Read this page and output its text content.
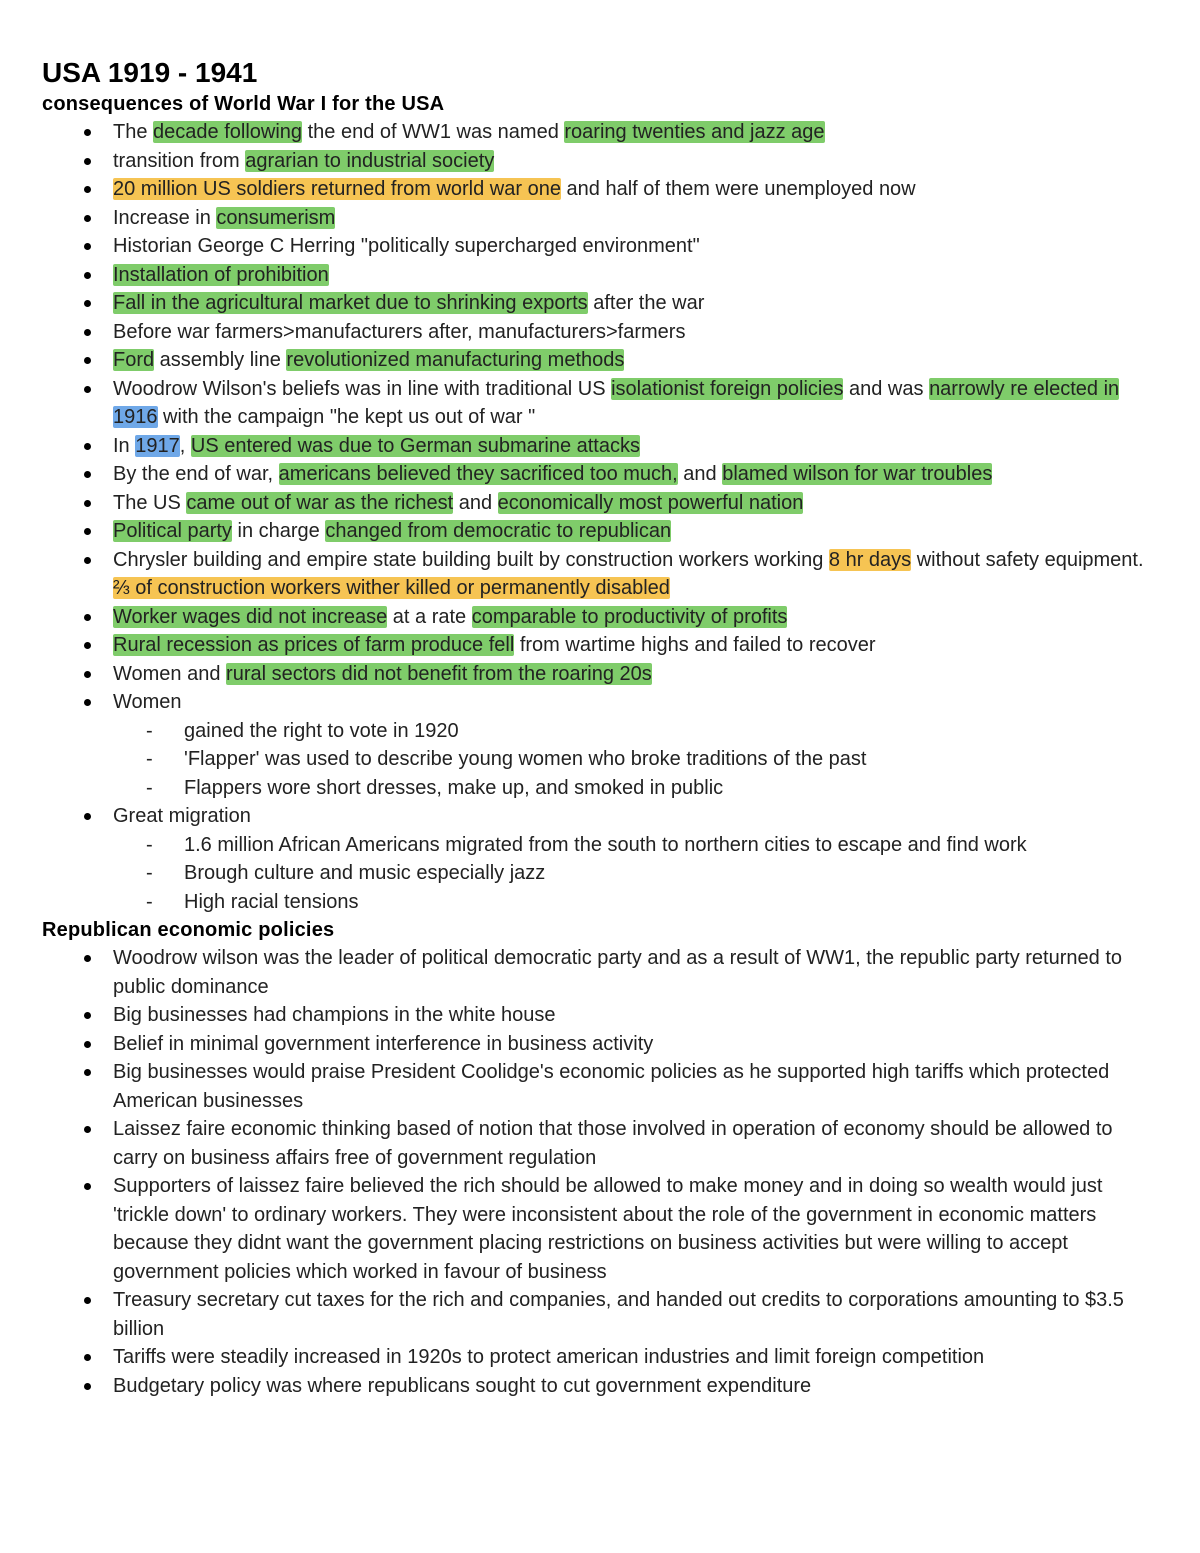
USA 1919 - 1941
consequences of World War I for the USA
The decade following the end of WW1 was named roaring twenties and jazz age
transition from agrarian to industrial society
20 million US soldiers returned from world war one and half of them were unemployed now
Increase in consumerism
Historian George C Herring "politically supercharged environment"
Installation of prohibition
Fall in the agricultural market due to shrinking exports after the war
Before war farmers>manufacturers after, manufacturers>farmers
Ford assembly line revolutionized manufacturing methods
Woodrow Wilson's beliefs was in line with traditional US isolationist foreign policies and was narrowly re elected in 1916 with the campaign "he kept us out of war "
In 1917, US entered was due to German submarine attacks
By the end of war, americans believed they sacrificed too much, and blamed wilson for war troubles
The US came out of war as the richest and economically most powerful nation
Political party in charge changed from democratic to republican
Chrysler building and empire state building built by construction workers working 8 hr days without safety equipment. ⅔ of construction workers wither killed or permanently disabled
Worker wages did not increase at a rate comparable to productivity of profits
Rural recession as prices of farm produce fell from wartime highs and failed to recover
Women and rural sectors did not benefit from the roaring 20s
Women
- gained the right to vote in 1920
- 'Flapper' was used to describe young women who broke traditions of the past
- Flappers wore short dresses, make up, and smoked in public
Great migration
- 1.6 million African Americans migrated from the south to northern cities to escape and find work
- Brough culture and music especially jazz
- High racial tensions
Republican economic policies
Woodrow wilson was the leader of political democratic party and as a result of WW1, the republic party returned to public dominance
Big businesses had champions in the white house
Belief in minimal government interference in business activity
Big businesses would praise President Coolidge's economic policies as he supported high tariffs which protected American businesses
Laissez faire economic thinking based of notion that those involved in operation of economy should be allowed to carry on business affairs free of government regulation
Supporters of laissez faire believed the rich should be allowed to make money and in doing so wealth would just 'trickle down' to ordinary workers. They were inconsistent about the role of the government in economic matters because they didnt want the government placing restrictions on business activities but were willing to accept government policies which worked in favour of business
Treasury secretary cut taxes for the rich and companies, and handed out credits to corporations amounting to $3.5 billion
Tariffs were steadily increased in 1920s to protect american industries and limit foreign competition
Budgetary policy was where republicans sought to cut government expenditure
